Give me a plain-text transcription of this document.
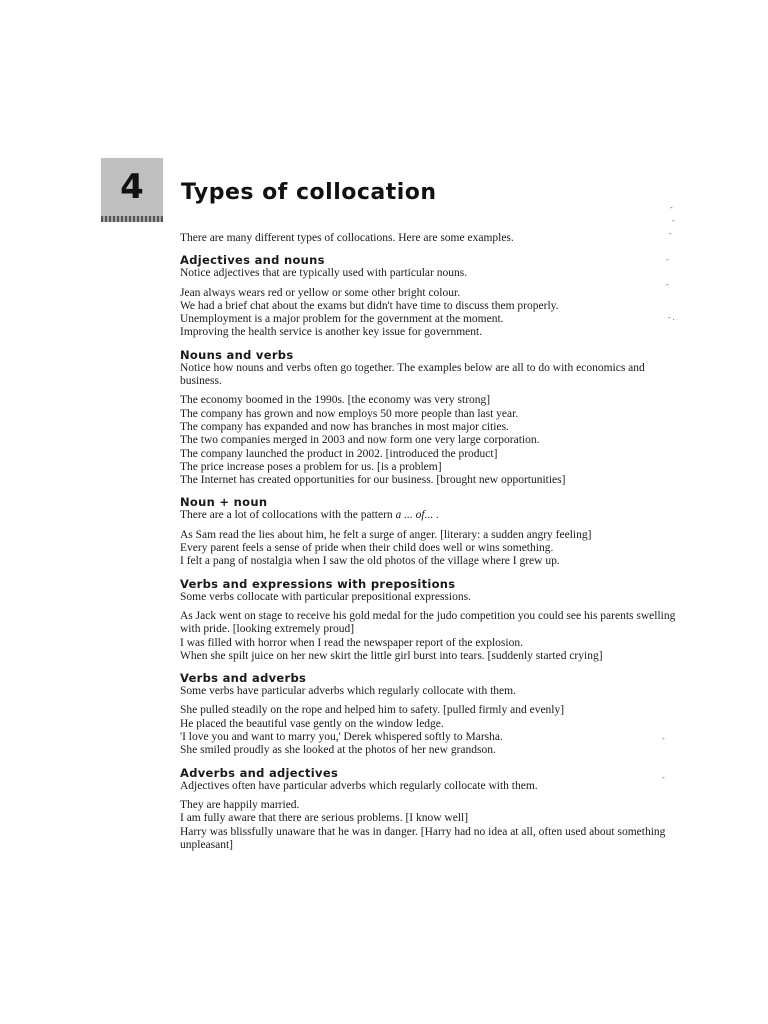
4	Types of collocation
-
-
-
-
-
- .
-
-

There are many different types of collocations. Here are some examples.

Adjectives and nouns

Notice adjectives that are typically used with particular nouns.

Jean always wears red or yellow or some other bright colour.

We had a brief chat about the exams but didn't have time to discuss them properly.

Unemployment is a major problem for the government at the moment.

Improving the health service is another key issue for government.

Nouns and verbs

Notice how nouns and verbs often go together. The examples below are all to do with economics and business.

The economy boomed in the 1990s. [the economy was very strong]

The company has grown and now employs 50 more people than last year.

The company has expanded and now has branches in most major cities.

The two companies merged in 2003 and now form one very large corporation.

The company launched the product in 2002. [introduced the product]

The price increase poses a problem for us. [is a problem]

The Internet has created opportunities for our business. [brought new opportunities]

Noun + noun

There are a lot of collocations with the pattern a ... of... .

As Sam read the lies about him, he felt a surge of anger. [literary: a sudden angry feeling]

Every parent feels a sense of pride when their child does well or wins something.

I felt a pang of nostalgia when I saw the old photos of the village where I grew up.

Verbs and expressions with prepositions

Some verbs collocate with particular prepositional expressions.

As Jack went on stage to receive his gold medal for the judo competition you could see his parents swelling with pride. [looking extremely proud]

I was filled with horror when I read the newspaper report of the explosion.

When she spilt juice on her new skirt the little girl burst into tears. [suddenly started crying]

Verbs and adverbs

Some verbs have particular adverbs which regularly collocate with them.

She pulled steadily on the rope and helped him to safety. [pulled firmly and evenly]

He placed the beautiful vase gently on the window ledge.

'I love you and want to marry you,' Derek whispered softly to Marsha.

She smiled proudly as she looked at the photos of her new grandson.

Adverbs and adjectives

Adjectives often have particular adverbs which regularly collocate with them.

They are happily married.

I am fully aware that there are serious problems. [I know well]

Harry was blissfully unaware that he was in danger. [Harry had no idea at all, often used about something unpleasant]
